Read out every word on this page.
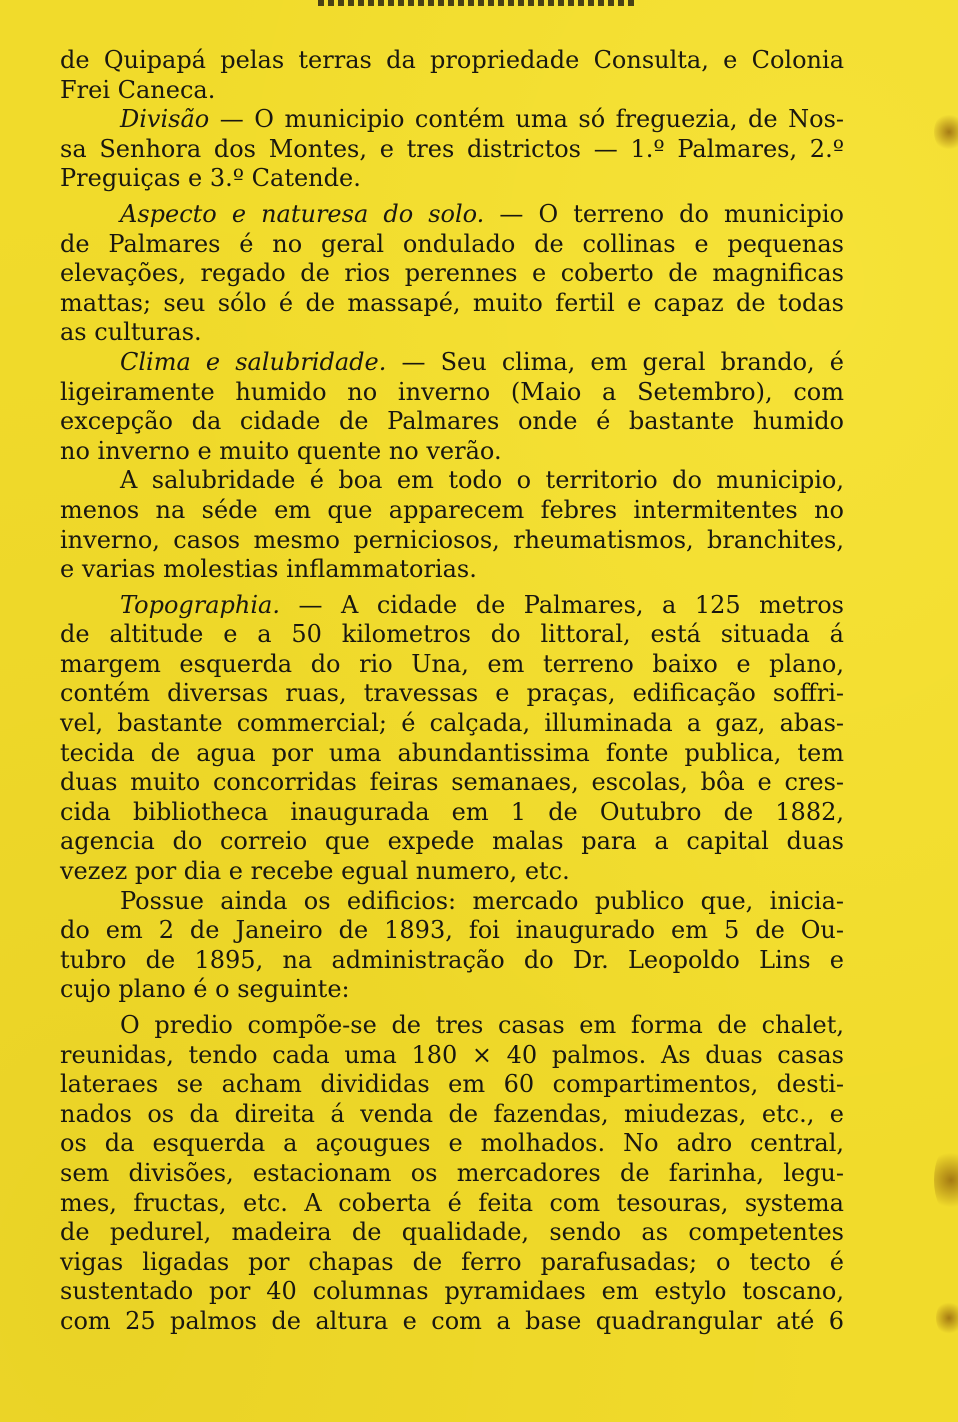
de Quipapá pelas terras da propriedade Consulta, e Colonia
Frei Caneca.
Divisão — O municipio contém uma só freguezia, de Nos-
sa Senhora dos Montes, e tres districtos — 1.º Palmares, 2.º
Preguiças e 3.º Catende.
Aspecto e naturesa do solo. — O terreno do municipio
de Palmares é no geral ondulado de collinas e pequenas
elevações, regado de rios perennes e coberto de magnificas
mattas; seu sólo é de massapé, muito fertil e capaz de todas
as culturas.
Clima e salubridade. — Seu clima, em geral brando, é
ligeiramente humido no inverno (Maio a Setembro), com
excepção da cidade de Palmares onde é bastante humido
no inverno e muito quente no verão.
A salubridade é boa em todo o territorio do municipio,
menos na séde em que apparecem febres intermitentes no
inverno, casos mesmo perniciosos, rheumatismos, branchites,
e varias molestias inflammatorias.
Topographia. — A cidade de Palmares, a 125 metros
de altitude e a 50 kilometros do littoral, está situada á
margem esquerda do rio Una, em terreno baixo e plano,
contém diversas ruas, travessas e praças, edificação soffri-
vel, bastante commercial; é calçada, illuminada a gaz, abas-
tecida de agua por uma abundantissima fonte publica, tem
duas muito concorridas feiras semanaes, escolas, bôa e cres-
cida bibliotheca inaugurada em 1 de Outubro de 1882,
agencia do correio que expede malas para a capital duas
vezez por dia e recebe egual numero, etc.
Possue ainda os edificios: mercado publico que, inicia-
do em 2 de Janeiro de 1893, foi inaugurado em 5 de Ou-
tubro de 1895, na administração do Dr. Leopoldo Lins e
cujo plano é o seguinte:
O predio compõe-se de tres casas em forma de chalet,
reunidas, tendo cada uma 180 × 40 palmos. As duas casas
lateraes se acham divididas em 60 compartimentos, desti-
nados os da direita á venda de fazendas, miudezas, etc., e
os da esquerda a açougues e molhados. No adro central,
sem divisões, estacionam os mercadores de farinha, legu-
mes, fructas, etc. A coberta é feita com tesouras, systema
de pedurel, madeira de qualidade, sendo as competentes
vigas ligadas por chapas de ferro parafusadas; o tecto é
sustentado por 40 columnas pyramidaes em estylo toscano,
com 25 palmos de altura e com a base quadrangular até 6
